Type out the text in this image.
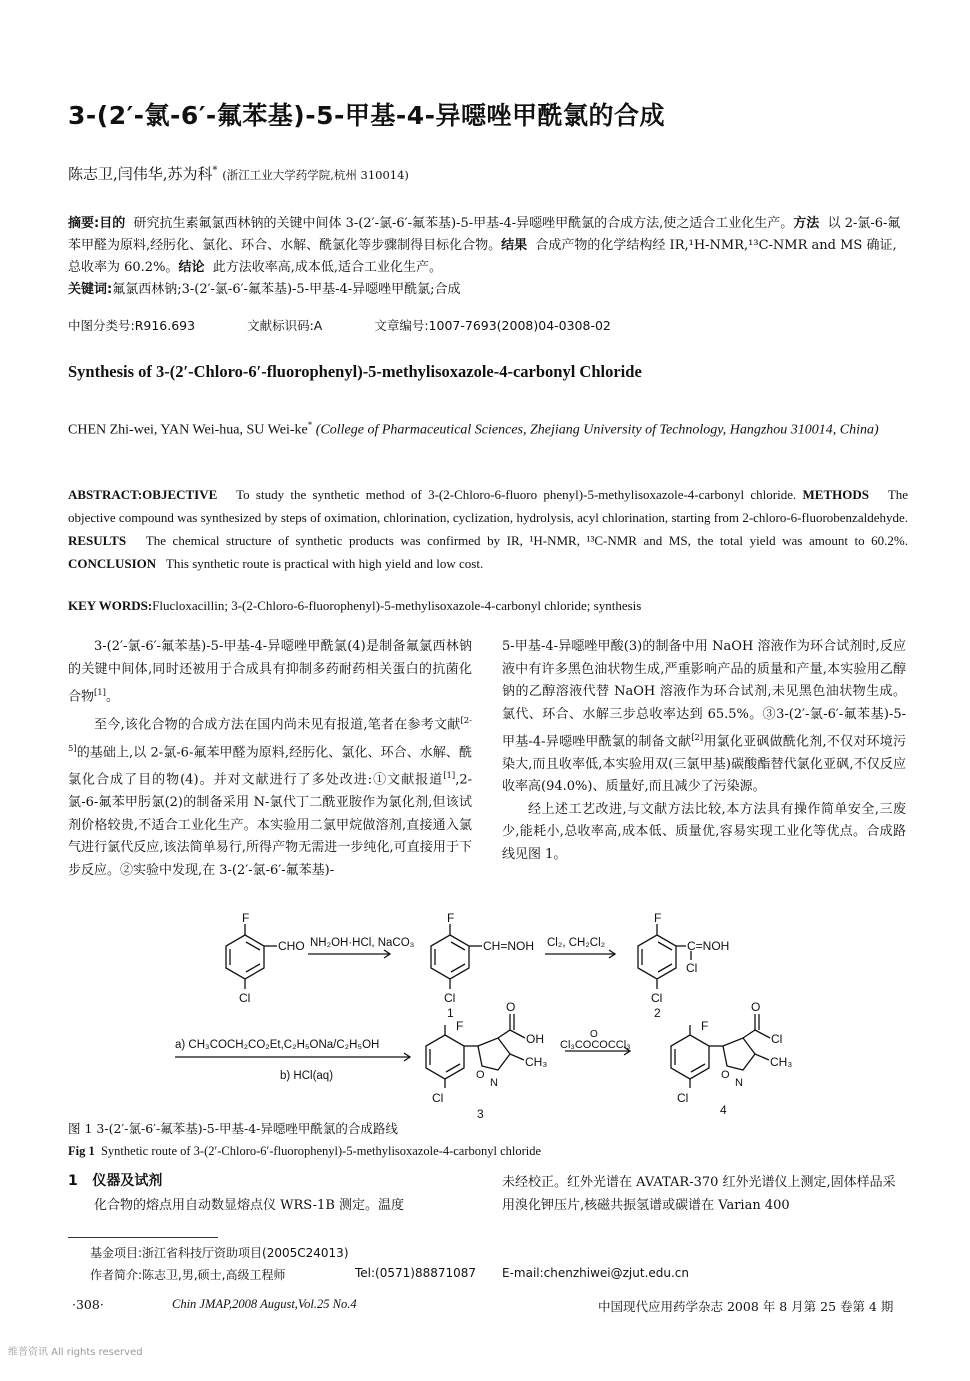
3-(2′-氯-6′-氟苯基)-5-甲基-4-异噁唑甲酰氯的合成
陈志卫,闫伟华,苏为科* (浙江工业大学药学院,杭州 310014)
摘要:目的 研究抗生素氟氯西林钠的关键中间体 3-(2′-氯-6′-氟苯基)-5-甲基-4-异噁唑甲酰氯的合成方法,使之适合工业化生产。方法 以 2-氯-6-氟苯甲醛为原料,经肟化、氯化、环合、水解、酰氯化等步骤制得目标化合物。结果 合成产物的化学结构经 IR,¹H-NMR,¹³C-NMR and MS 确证,总收率为 60.2%。结论 此方法收率高,成本低,适合工业化生产。
关键词:氟氯西林钠;3-(2′-氯-6′-氟苯基)-5-甲基-4-异噁唑甲酰氯;合成
中图分类号:R916.693	文献标识码:A	文章编号:1007-7693(2008)04-0308-02
Synthesis of 3-(2′-Chloro-6′-fluorophenyl)-5-methylisoxazole-4-carbonyl Chloride
CHEN Zhi-wei, YAN Wei-hua, SU Wei-ke* (College of Pharmaceutical Sciences, Zhejiang University of Technology, Hangzhou 310014, China)
ABSTRACT:OBJECTIVE To study the synthetic method of 3-(2-Chloro-6-fluoro phenyl)-5-methylisoxazole-4-carbonyl chloride. METHODS The objective compound was synthesized by steps of oximation, chlorination, cyclization, hydrolysis, acyl chlorination, starting from 2-chloro-6-fluorobenzaldehyde. RESULTS The chemical structure of synthetic products was confirmed by IR, ¹H-NMR, ¹³C-NMR and MS, the total yield was amount to 60.2%. CONCLUSION This synthetic route is practical with high yield and low cost.
KEY WORDS:Flucloxacillin; 3-(2-Chloro-6-fluorophenyl)-5-methylisoxazole-4-carbonyl chloride; synthesis

3-(2′-氯-6′-氟苯基)-5-甲基-4-异噁唑甲酰氯(4)是制备氟氯西林钠的关键中间体,同时还被用于合成具有抑制多药耐药相关蛋白的抗菌化合物[1]。

至今,该化合物的合成方法在国内尚未见有报道,笔者在参考文献[2-5]的基础上,以 2-氯-6-氟苯甲醛为原料,经肟化、氯化、环合、水解、酰氯化合成了目的物(4)。并对文献进行了多处改进:①文献报道[1],2-氯-6-氟苯甲肟氯(2)的制备采用 N-氯代丁二酰亚胺作为氯化剂,但该试剂价格较贵,不适合工业化生产。本实验用二氯甲烷做溶剂,直接通入氯气进行氯代反应,该法简单易行,所得产物无需进一步纯化,可直接用于下步反应。②实验中发现,在 3-(2′-氯-6′-氟苯基)-

5-甲基-4-异噁唑甲酸(3)的制备中用 NaOH 溶液作为环合试剂时,反应液中有许多黑色油状物生成,严重影响产品的质量和产量,本实验用乙醇钠的乙醇溶液代替 NaOH 溶液作为环合试剂,未见黑色油状物生成。氯代、环合、水解三步总收率达到 65.5%。③3-(2′-氯-6′-氟苯基)-5-甲基-4-异噁唑甲酰氯的制备文献[2]用氯化亚砜做酰化剂,不仅对环境污染大,而且收率低,本实验用双(三氯甲基)碳酸酯替代氯化亚砜,不仅反应收率高(94.0%)、质量好,而且减少了污染源。

经上述工艺改进,与文献方法比较,本方法具有操作简单安全,三废少,能耗小,总收率高,成本低、质量优,容易实现工业化等优点。合成路线见图 1。

F
CHO
Cl
NH₂OH·HCl, NaCO₃
F
CH=NOH
Cl
1
Cl₂, CH₂Cl₂
F
C=NOH
Cl
Cl
2
a) CH₃COCH₂CO₂Et,C₂H₅ONa/C₂H₅OH
b) HCl(aq)
F
O
OH
N
O
CH₃
Cl
3
O
Cl₃COCOCCl₃
F
O
Cl
N
O
CH₃
Cl
4
图 1 3-(2′-氯-6′-氟苯基)-5-甲基-4-异噁唑甲酰氯的合成路线
Fig 1 Synthetic route of 3-(2′-Chloro-6′-fluorophenyl)-5-methylisoxazole-4-carbonyl chloride
1 仪器及试剂
化合物的熔点用自动数显熔点仪 WRS-1B 测定。温度
未经校正。红外光谱在 AVATAR-370 红外光谱仪上测定,固体样品采用溴化钾压片,核磁共振氢谱或碳谱在 Varian 400
基金项目:浙江省科技厅资助项目(2005C24013)
作者简介:陈志卫,男,硕士,高级工程师	Tel:(0571)88871087 E-mail:chenzhiwei@zjut.edu.cn
·308·	Chin JMAP,2008 August,Vol.25 No.4	中国现代应用药学杂志 2008 年 8 月第 25 卷第 4 期
维普资讯 All rights reserved
